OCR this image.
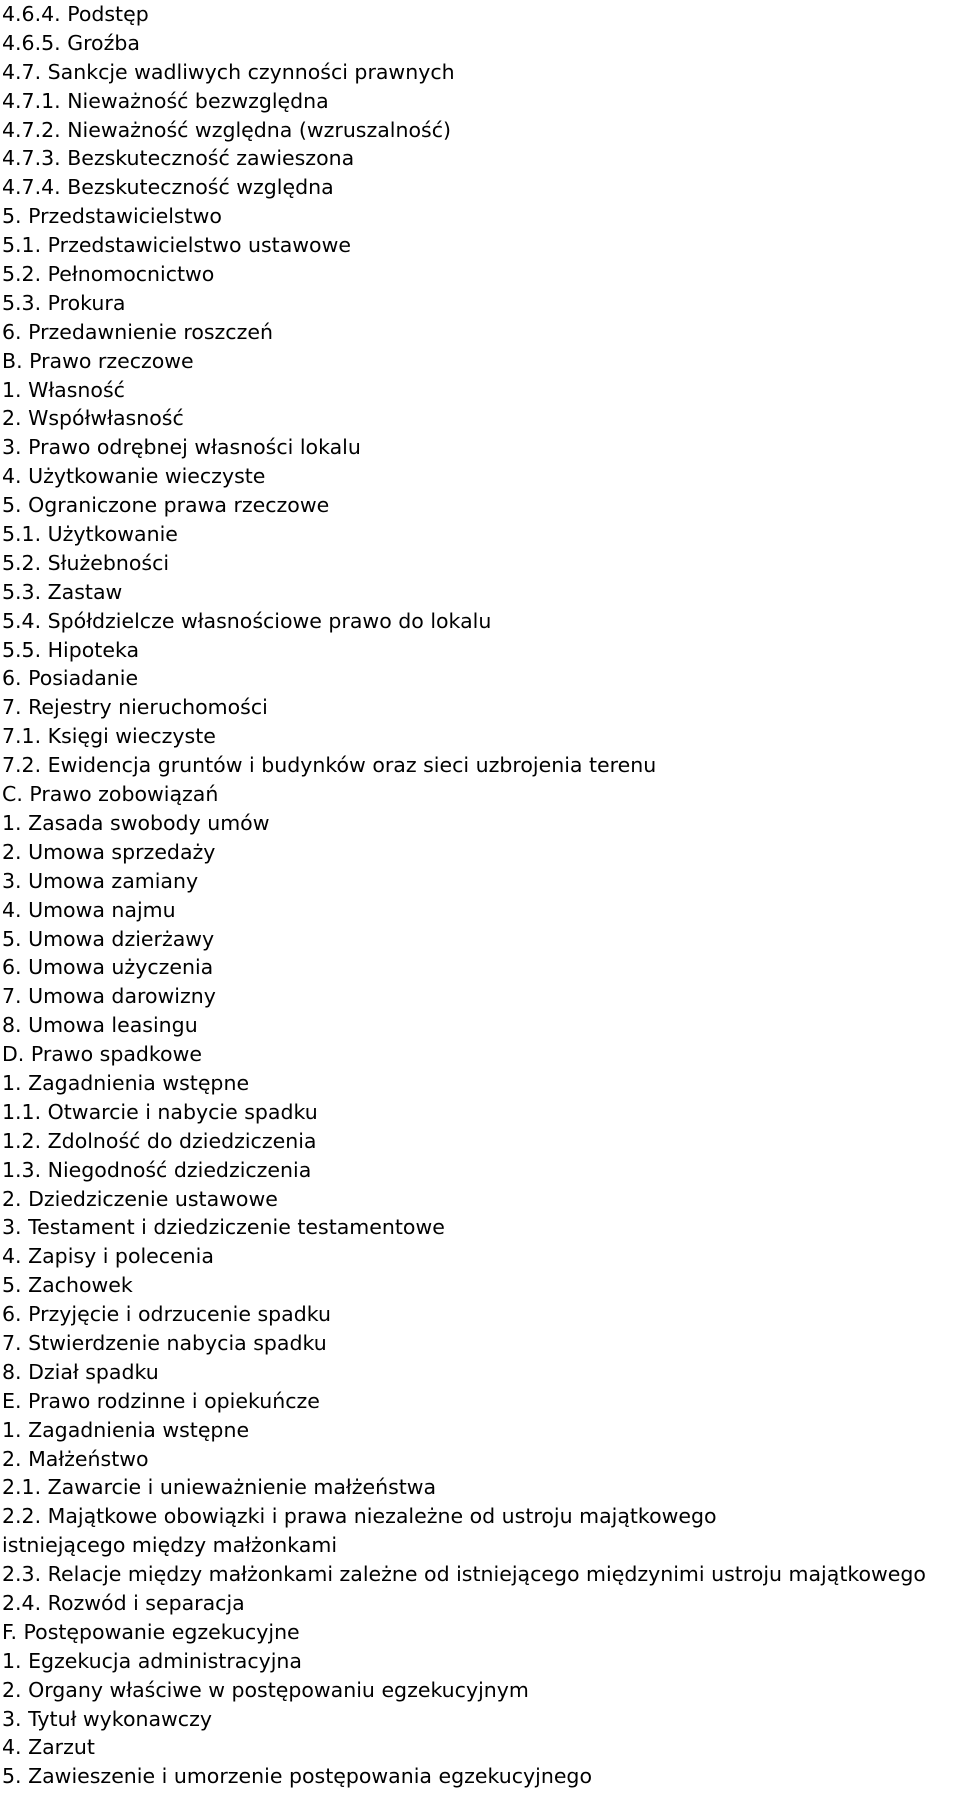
4.6.4. Podstęp
4.6.5. Groźba
4.7. Sankcje wadliwych czynności prawnych
4.7.1. Nieważność bezwzględna
4.7.2. Nieważność względna (wzruszalność)
4.7.3. Bezskuteczność zawieszona
4.7.4. Bezskuteczność względna
5. Przedstawicielstwo
5.1. Przedstawicielstwo ustawowe
5.2. Pełnomocnictwo
5.3. Prokura
6. Przedawnienie roszczeń
B. Prawo rzeczowe
1. Własność
2. Współwłasność
3. Prawo odrębnej własności lokalu
4. Użytkowanie wieczyste
5. Ograniczone prawa rzeczowe
5.1. Użytkowanie
5.2. Służebności
5.3. Zastaw
5.4. Spółdzielcze własnościowe prawo do lokalu
5.5. Hipoteka
6. Posiadanie
7. Rejestry nieruchomości
7.1. Księgi wieczyste
7.2. Ewidencja gruntów i budynków oraz sieci uzbrojenia terenu
C. Prawo zobowiązań
1. Zasada swobody umów
2. Umowa sprzedaży
3. Umowa zamiany
4. Umowa najmu
5. Umowa dzierżawy
6. Umowa użyczenia
7. Umowa darowizny
8. Umowa leasingu
D. Prawo spadkowe
1. Zagadnienia wstępne
1.1. Otwarcie i nabycie spadku
1.2. Zdolność do dziedziczenia
1.3. Niegodność dziedziczenia
2. Dziedziczenie ustawowe
3. Testament i dziedziczenie testamentowe
4. Zapisy i polecenia
5. Zachowek
6. Przyjęcie i odrzucenie spadku
7. Stwierdzenie nabycia spadku
8. Dział spadku
E. Prawo rodzinne i opiekuńcze
1. Zagadnienia wstępne
2. Małżeństwo
2.1. Zawarcie i unieważnienie małżeństwa
2.2. Majątkowe obowiązki i prawa niezależne od ustroju majątkowego
istniejącego między małżonkami
2.3. Relacje między małżonkami zależne od istniejącego międzynimi ustroju majątkowego
2.4. Rozwód i separacja
F. Postępowanie egzekucyjne
1. Egzekucja administracyjna
2. Organy właściwe w postępowaniu egzekucyjnym
3. Tytuł wykonawczy
4. Zarzut
5. Zawieszenie i umorzenie postępowania egzekucyjnego
